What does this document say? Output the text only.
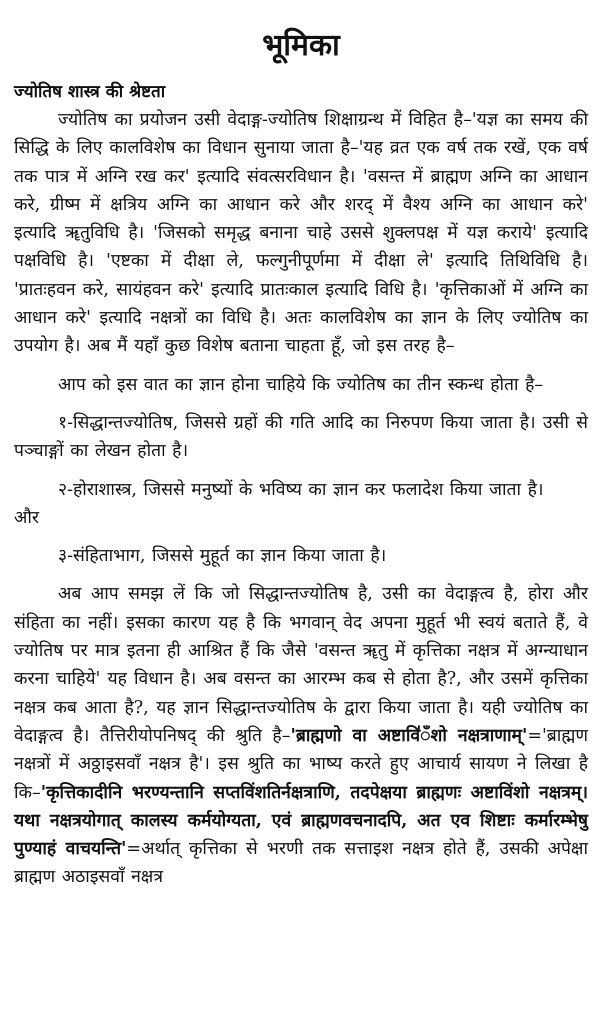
भूमिका
ज्योतिष शास्त्र की श्रेष्टता

ज्योतिष का प्रयोजन उसी वेदाङ्ग-ज्योतिष शिक्षाग्रन्थ में विहित है–'यज्ञ का समय की सिद्धि के लिए कालविशेष का विधान सुनाया जाता है–'यह व्रत एक वर्ष तक रखें, एक वर्ष तक पात्र में अग्नि रख कर' इत्यादि संवत्सरविधान है। 'वसन्त में ब्राह्मण अग्नि का आधान करे, ग्रीष्म में क्षत्रिय अग्नि का आधान करे और शरद् में वैश्य अग्नि का आधान करे' इत्यादि ॠतुविधि है। 'जिसको समृद्ध बनाना चाहे उससे शुक्लपक्ष में यज्ञ कराये' इत्यादि पक्षविधि है। 'एष्टका में दीक्षा ले, फल्गुनीपूर्णमा में दीक्षा ले' इत्यादि तिथिविधि है। 'प्रातःहवन करे, सायंहवन करे' इत्यादि प्रातःकाल इत्यादि विधि है। 'कृत्तिकाओं में अग्नि का आधान करे' इत्यादि नक्षत्रों का विधि है। अतः कालविशेष का ज्ञान के लिए ज्योतिष का उपयोग है। अब मैं यहाँ कुछ विशेष बताना चाहता हूँ, जो इस तरह है–

आप को इस वात का ज्ञान होना चाहिये कि ज्योतिष का तीन स्कन्ध होता है–

१-सिद्धान्तज्योतिष, जिससे ग्रहों की गति आदि का निरुपण किया जाता है। उसी से पञ्चाङ्गों का लेखन होता है।

२-होराशास्त्र, जिससे मनुष्यों के भविष्य का ज्ञान कर फलादेश किया जाता है।

और

३-संहिताभाग, जिससे मुहूर्त का ज्ञान किया जाता है।

अब आप समझ लें कि जो सिद्धान्तज्योतिष है, उसी का वेदाङ्गत्व है, होरा और संहिता का नहीं। इसका कारण यह है कि भगवान् वेद अपना मुहूर्त भी स्वयं बताते हैं, वे ज्योतिष पर मात्र इतना ही आश्रित हैं कि जैसे 'वसन्त ॠतु में कृत्तिका नक्षत्र में अग्न्याधान करना चाहिये' यह विधान है। अब वसन्त का आरम्भ कब से होता है?, और उसमें कृत्तिका नक्षत्र कब आता है?, यह ज्ञान सिद्धान्तज्योतिष के द्वारा किया जाता है। यही ज्योतिष का वेदाङ्गत्व है। तैत्तिरीयोपनिषद् की श्रुति है–'ब्राह्मणो वा अष्टावि॑ँशो नक्षत्राणाम्'='ब्राह्मण नक्षत्रों में अठ्ठाइसवाँ नक्षत्र है'। इस श्रुति का भाष्य करते हुए आचार्य सायण ने लिखा है कि–'कृत्तिकादीनि भरण्यन्तानि सप्तविंशतिर्नक्षत्राणि, तदपेक्षया ब्राह्मणः अष्टाविंशो नक्षत्रम्। यथा नक्षत्रयोगात् कालस्य कर्मयोग्यता, एवं ब्राह्मणवचनादपि, अत एव शिष्टाः कर्मारम्भेषु पुण्याहं वाचयन्ति'=अर्थात् कृत्तिका से भरणी तक सत्ताइश नक्षत्र होते हैं, उसकी अपेक्षा ब्राह्मण अठाइसवाँ नक्षत्र
